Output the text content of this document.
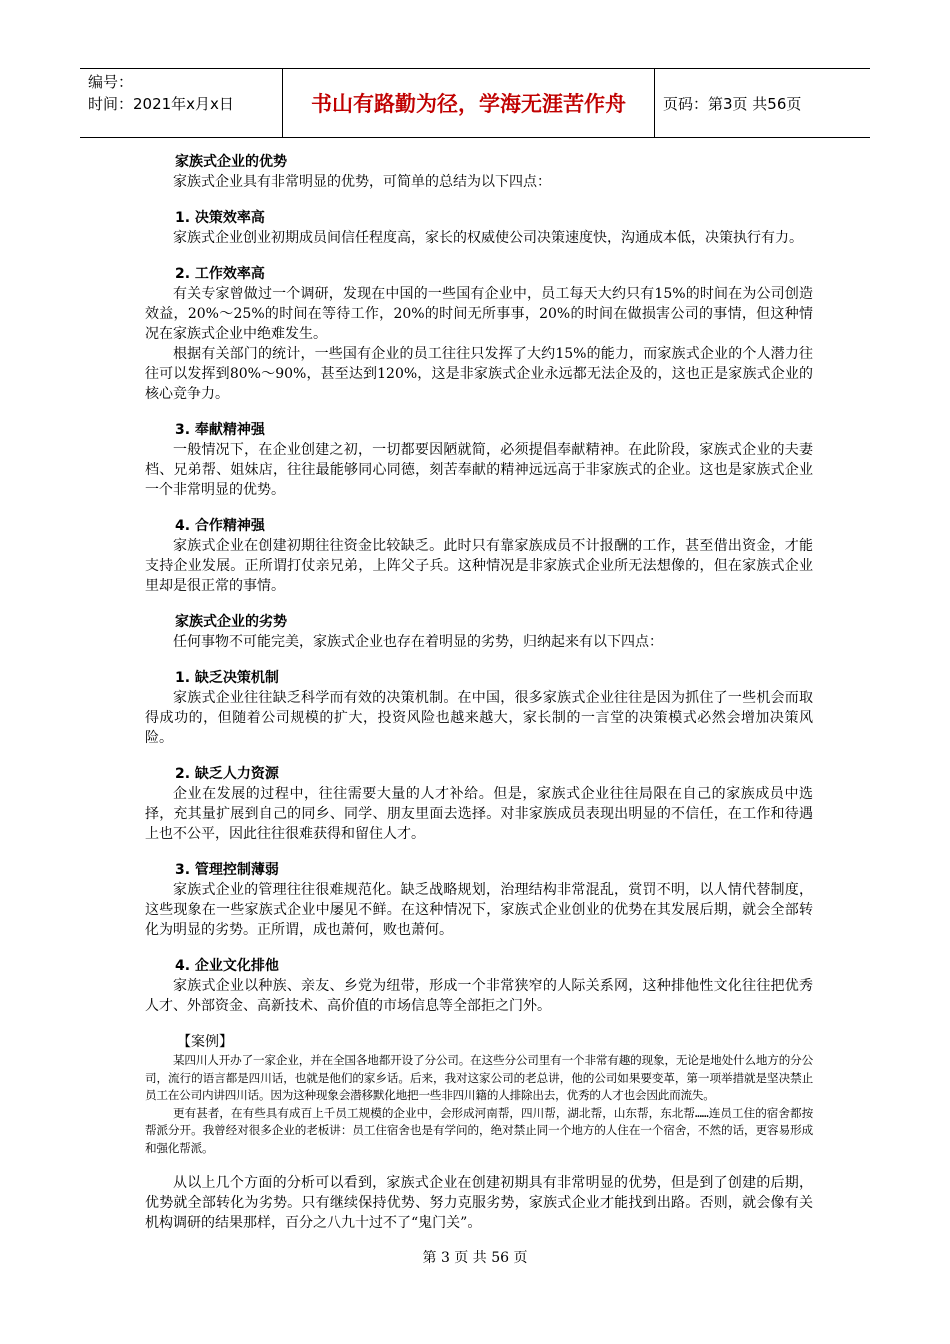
编号：
时间：2021年x月x日	书山有路勤为径，学海无涯苦作舟 页码：第3页 共56页
家族式企业的优势

家族式企业具有非常明显的优势，可简单的总结为以下四点：

1. 决策效率高

家族式企业创业初期成员间信任程度高，家长的权威使公司决策速度快，沟通成本低，决策执行有力。

2. 工作效率高

有关专家曾做过一个调研，发现在中国的一些国有企业中，员工每天大约只有15%的时间在为公司创造效益，20%～25%的时间在等待工作，20%的时间无所事事，20%的时间在做损害公司的事情，但这种情况在家族式企业中绝难发生。

根据有关部门的统计，一些国有企业的员工往往只发挥了大约15%的能力，而家族式企业的个人潜力往往可以发挥到80%～90%，甚至达到120%，这是非家族式企业永远都无法企及的，这也正是家族式企业的核心竞争力。

3. 奉献精神强

一般情况下，在企业创建之初，一切都要因陋就简，必须提倡奉献精神。在此阶段，家族式企业的夫妻档、兄弟帮、姐妹店，往往最能够同心同德，刻苦奉献的精神远远高于非家族式的企业。这也是家族式企业一个非常明显的优势。

4. 合作精神强

家族式企业在创建初期往往资金比较缺乏。此时只有靠家族成员不计报酬的工作，甚至借出资金，才能支持企业发展。正所谓打仗亲兄弟，上阵父子兵。这种情况是非家族式企业所无法想像的，但在家族式企业里却是很正常的事情。

家族式企业的劣势

任何事物不可能完美，家族式企业也存在着明显的劣势，归纳起来有以下四点：

1. 缺乏决策机制

家族式企业往往缺乏科学而有效的决策机制。在中国，很多家族式企业往往是因为抓住了一些机会而取得成功的，但随着公司规模的扩大，投资风险也越来越大，家长制的一言堂的决策模式必然会增加决策风险。

2. 缺乏人力资源

企业在发展的过程中，往往需要大量的人才补给。但是，家族式企业往往局限在自己的家族成员中选择，充其量扩展到自己的同乡、同学、朋友里面去选择。对非家族成员表现出明显的不信任，在工作和待遇上也不公平，因此往往很难获得和留住人才。

3. 管理控制薄弱

家族式企业的管理往往很难规范化。缺乏战略规划，治理结构非常混乱，赏罚不明，以人情代替制度，这些现象在一些家族式企业中屡见不鲜。在这种情况下，家族式企业创业的优势在其发展后期，就会全部转化为明显的劣势。正所谓，成也萧何，败也萧何。

4. 企业文化排他

家族式企业以种族、亲友、乡党为纽带，形成一个非常狭窄的人际关系网，这种排他性文化往往把优秀人才、外部资金、高新技术、高价值的市场信息等全部拒之门外。

【案例】

某四川人开办了一家企业，并在全国各地都开设了分公司。在这些分公司里有一个非常有趣的现象，无论是地处什么地方的分公司，流行的语言都是四川话，也就是他们的家乡话。后来，我对这家公司的老总讲，他的公司如果要变革，第一项举措就是坚决禁止员工在公司内讲四川话。因为这种现象会潜移默化地把一些非四川籍的人排除出去，优秀的人才也会因此而流失。

更有甚者，在有些具有成百上千员工规模的企业中，会形成河南帮，四川帮，湖北帮，山东帮，东北帮……连员工住的宿舍都按帮派分开。我曾经对很多企业的老板讲：员工住宿舍也是有学问的，绝对禁止同一个地方的人住在一个宿舍，不然的话，更容易形成和强化帮派。

从以上几个方面的分析可以看到，家族式企业在创建初期具有非常明显的优势，但是到了创建的后期，优势就全部转化为劣势。只有继续保持优势、努力克服劣势，家族式企业才能找到出路。否则，就会像有关机构调研的结果那样，百分之八九十过不了“鬼门关”。

第 3 页 共 56 页
